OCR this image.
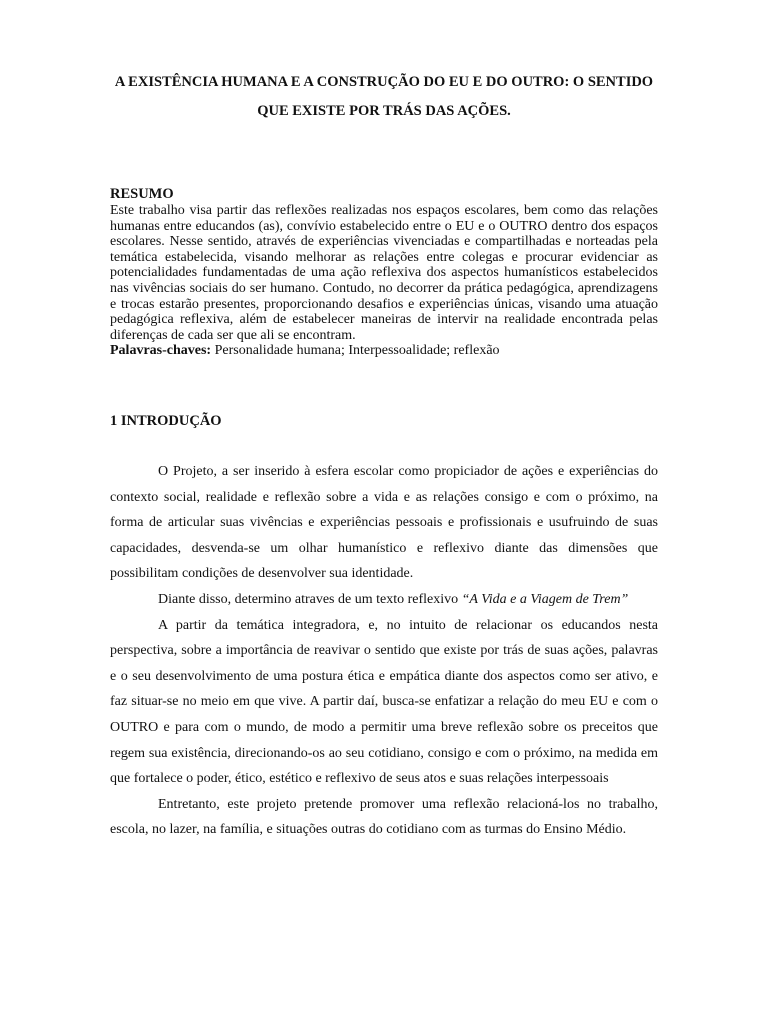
A EXISTÊNCIA HUMANA E A CONSTRUÇÃO DO EU E DO OUTRO: O SENTIDO QUE EXISTE POR TRÁS DAS AÇÕES.

RESUMO

Este trabalho visa partir das reflexões realizadas nos espaços escolares, bem como das relações humanas entre educandos (as), convívio estabelecido entre o EU e o OUTRO dentro dos espaços escolares. Nesse sentido, através de experiências vivenciadas e compartilhadas e norteadas pela temática estabelecida, visando melhorar as relações entre colegas e procurar evidenciar as potencialidades fundamentadas de uma ação reflexiva dos aspectos humanísticos estabelecidos nas vivências sociais do ser humano. Contudo, no decorrer da prática pedagógica, aprendizagens e trocas estarão presentes, proporcionando desafios e experiências únicas, visando uma atuação pedagógica reflexiva, além de estabelecer maneiras de intervir na realidade encontrada pelas diferenças de cada ser que ali se encontram.

Palavras-chaves: Personalidade humana; Interpessoalidade; reflexão

1 INTRODUÇÃO

O Projeto, a ser inserido à esfera escolar como propiciador de ações e experiências do contexto social, realidade e reflexão sobre a vida e as relações consigo e com o próximo, na forma de articular suas vivências e experiências pessoais e profissionais e usufruindo de suas capacidades, desvenda-se um olhar humanístico e reflexivo diante das dimensões que possibilitam condições de desenvolver sua identidade.

Diante disso, determino atraves de um texto reflexivo “A Vida e a Viagem de Trem”

A partir da temática integradora, e, no intuito de relacionar os educandos nesta perspectiva, sobre a importância de reavivar o sentido que existe por trás de suas ações, palavras e o seu desenvolvimento de uma postura ética e empática diante dos aspectos como ser ativo, e faz situar-se no meio em que vive. A partir daí, busca-se enfatizar a relação do meu EU e com o OUTRO e para com o mundo, de modo a permitir uma breve reflexão sobre os preceitos que regem sua existência, direcionando-os ao seu cotidiano, consigo e com o próximo, na medida em que fortalece o poder, ético, estético e reflexivo de seus atos e suas relações interpessoais

Entretanto, este projeto pretende promover uma reflexão relacioná-los no trabalho, escola, no lazer, na família, e situações outras do cotidiano com as turmas do Ensino Médio.
